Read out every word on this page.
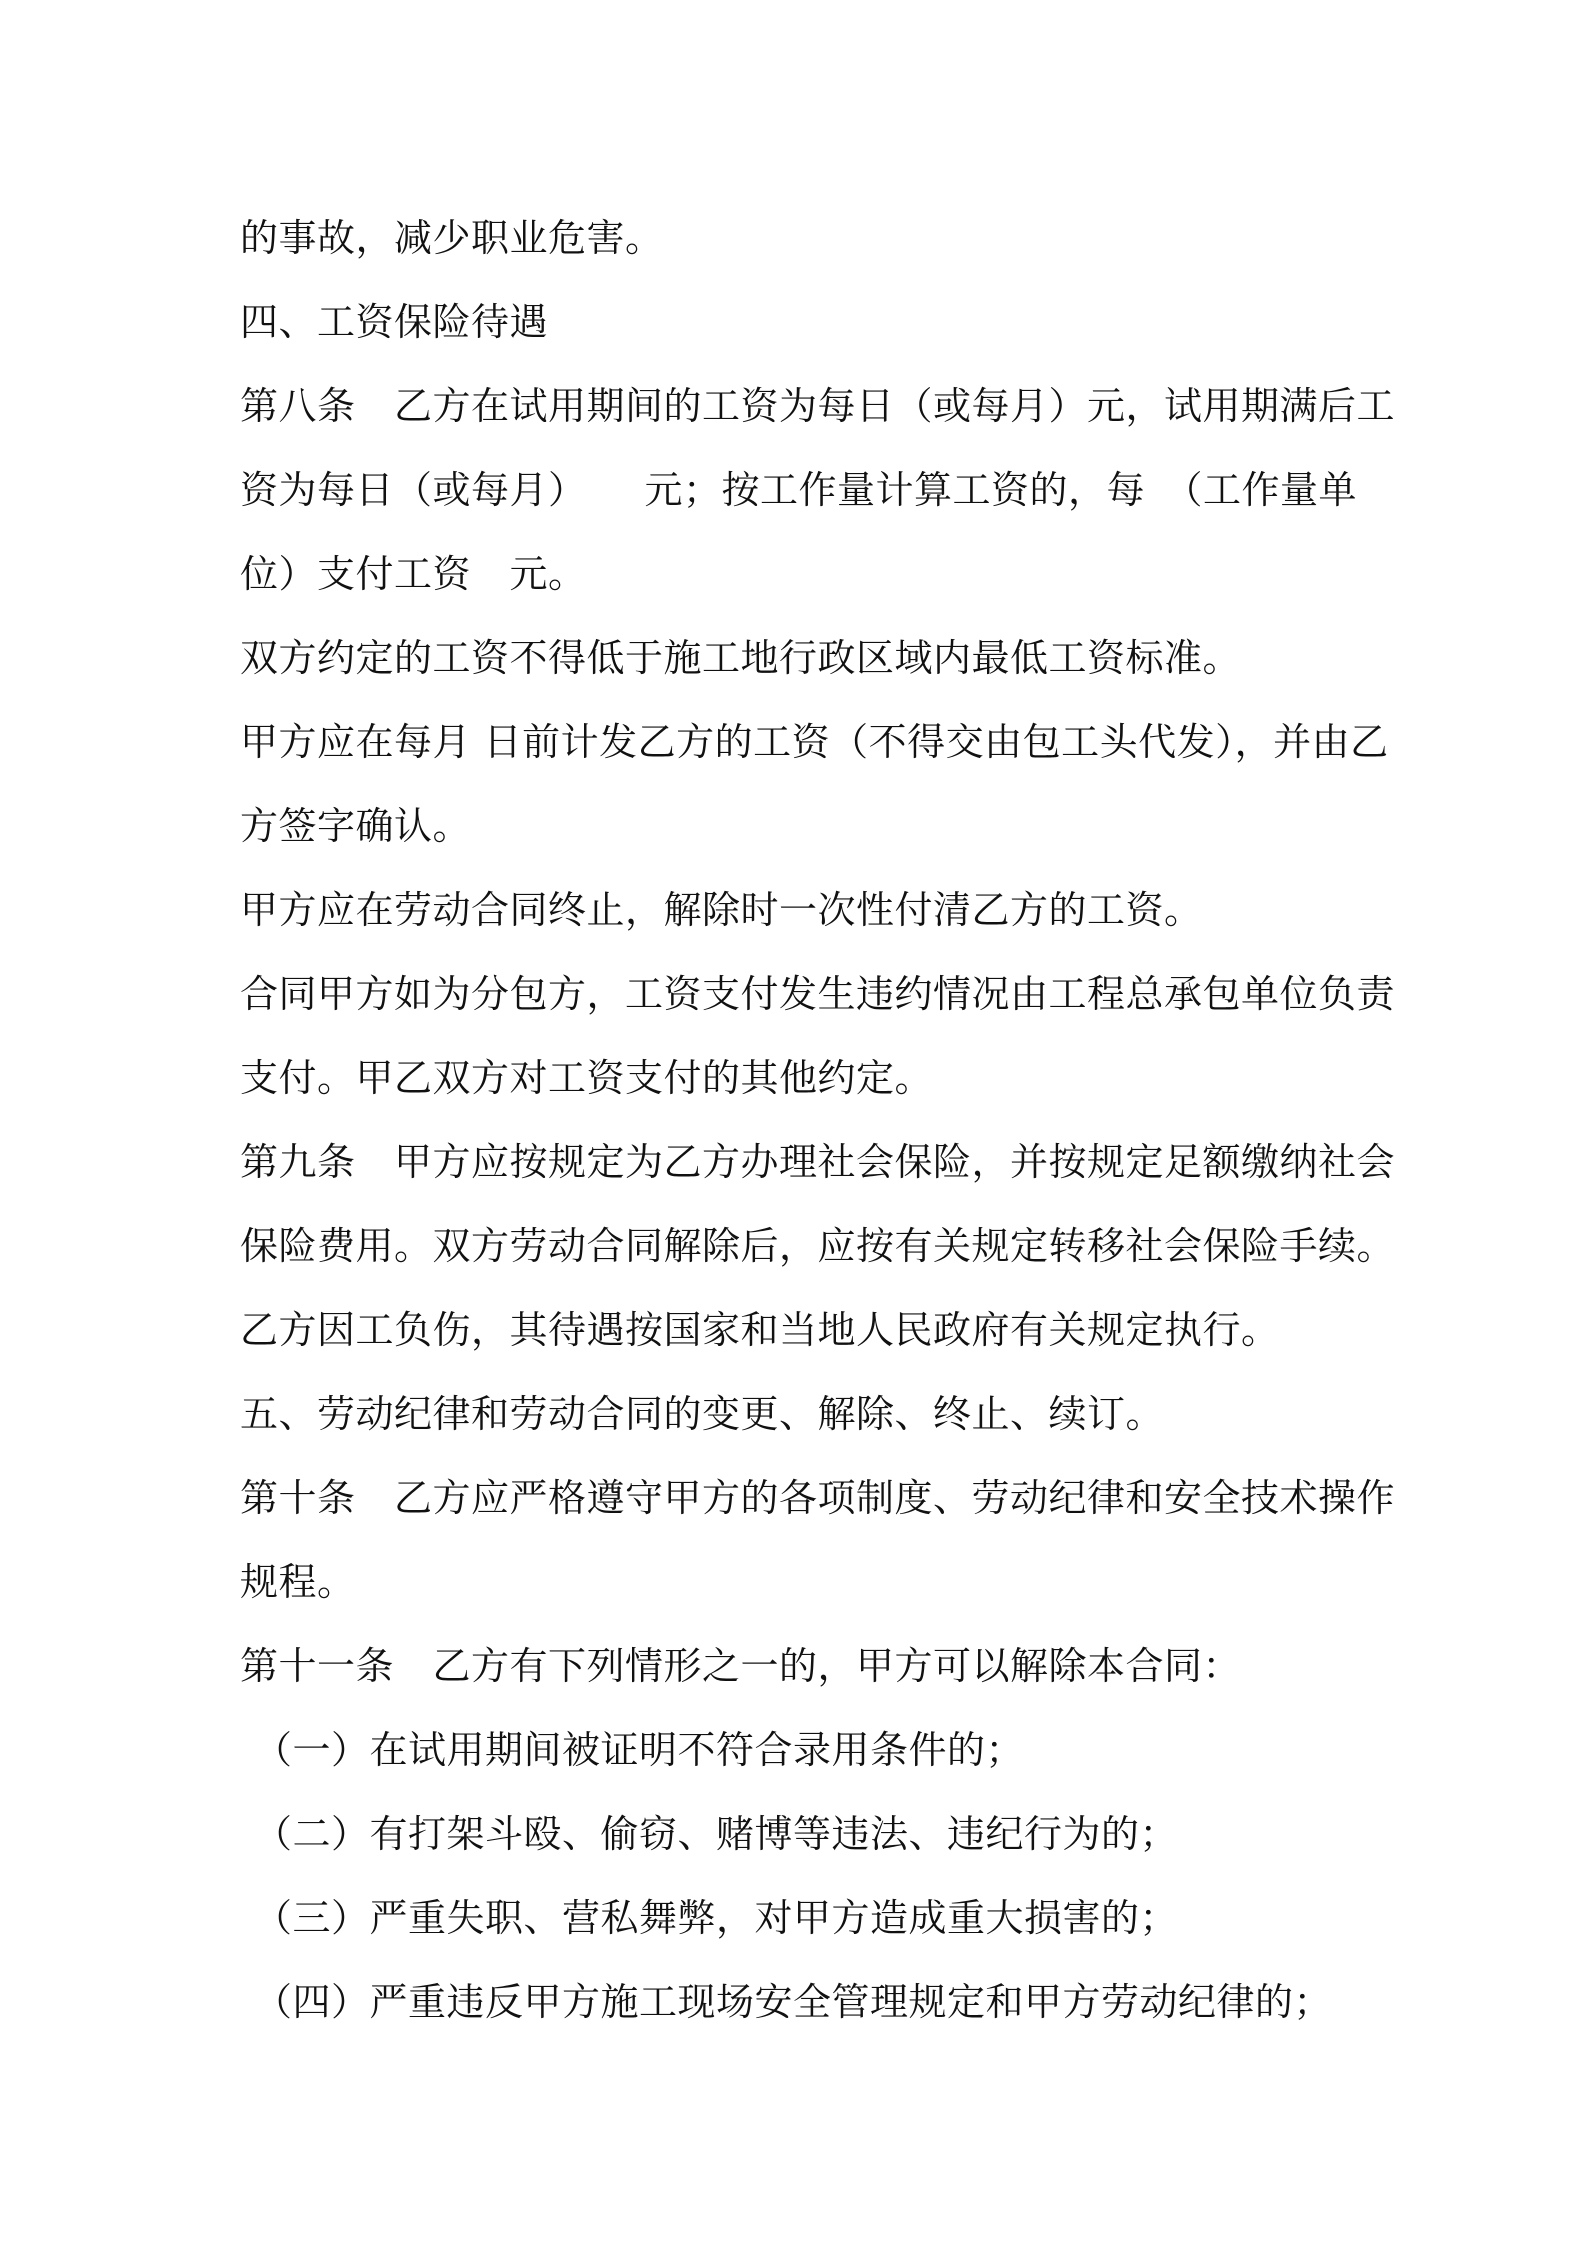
的事故，减少职业危害。
四、工资保险待遇
第八条　乙方在试用期间的工资为每日（或每月）元，试用期满后工
资为每日（或每月）　　元；按工作量计算工资的，每　（工作量单
位）支付工资　元。
双方约定的工资不得低于施工地行政区域内最低工资标准。
甲方应在每月 日前计发乙方的工资（不得交由包工头代发），并由乙
方签字确认。
甲方应在劳动合同终止，解除时一次性付清乙方的工资。
合同甲方如为分包方，工资支付发生违约情况由工程总承包单位负责
支付。甲乙双方对工资支付的其他约定。
第九条　甲方应按规定为乙方办理社会保险，并按规定足额缴纳社会
保险费用。双方劳动合同解除后，应按有关规定转移社会保险手续。
乙方因工负伤，其待遇按国家和当地人民政府有关规定执行。
五、劳动纪律和劳动合同的变更、解除、终止、续订。
第十条　乙方应严格遵守甲方的各项制度、劳动纪律和安全技术操作
规程。
第十一条　乙方有下列情形之一的，甲方可以解除本合同：
（一）在试用期间被证明不符合录用条件的；
（二）有打架斗殴、偷窃、赌博等违法、违纪行为的；
（三）严重失职、营私舞弊，对甲方造成重大损害的；
（四）严重违反甲方施工现场安全管理规定和甲方劳动纪律的；
